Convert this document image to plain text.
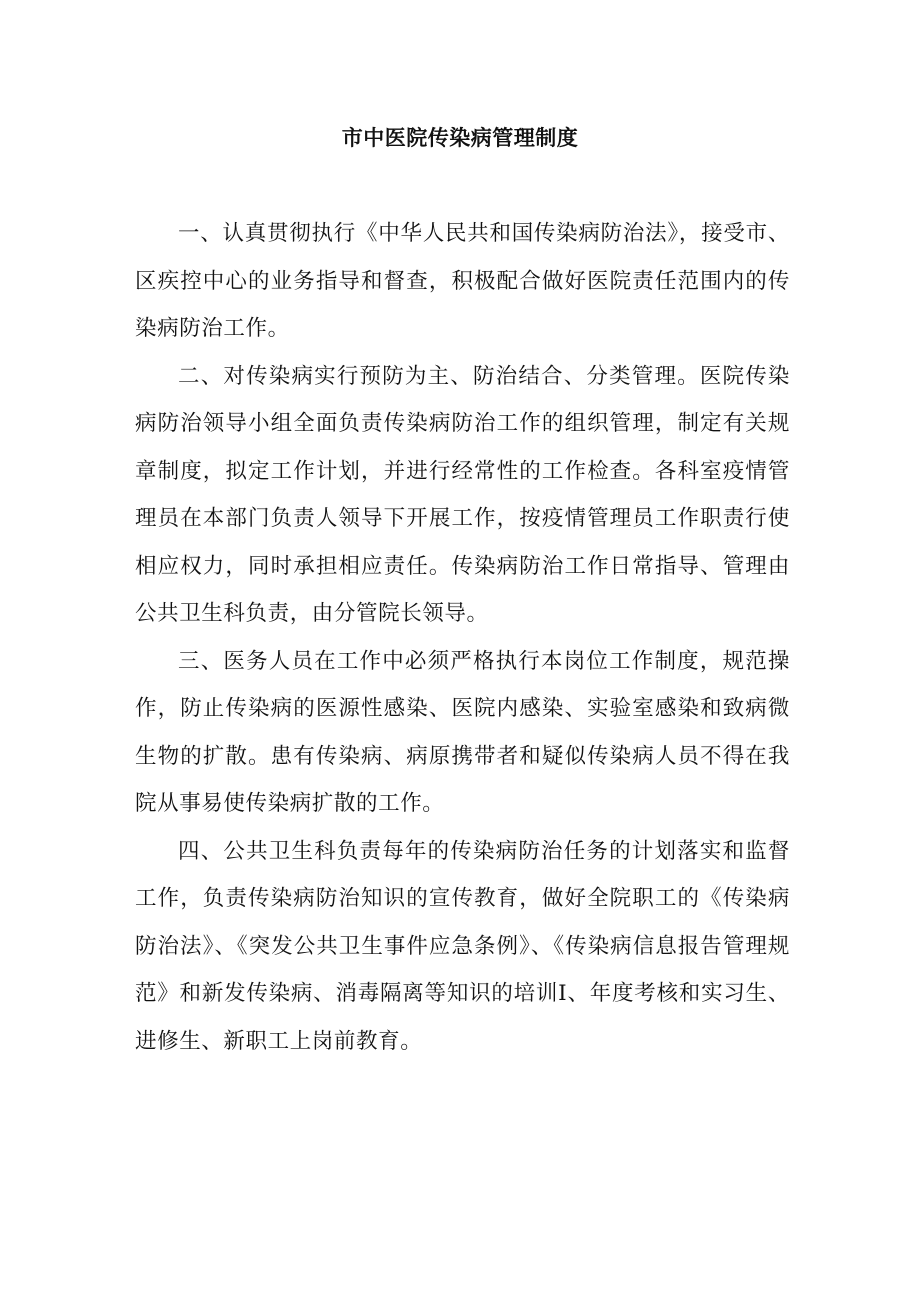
市中医院传染病管理制度

一、认真贯彻执行《中华人民共和国传染病防治法》，接受市、区疾控中心的业务指导和督查，积极配合做好医院责任范围内的传染病防治工作。

二、对传染病实行预防为主、防治结合、分类管理。医院传染病防治领导小组全面负责传染病防治工作的组织管理，制定有关规章制度，拟定工作计划，并进行经常性的工作检查。各科室疫情管理员在本部门负责人领导下开展工作，按疫情管理员工作职责行使相应权力，同时承担相应责任。传染病防治工作日常指导、管理由公共卫生科负责，由分管院长领导。

三、医务人员在工作中必须严格执行本岗位工作制度，规范操作，防止传染病的医源性感染、医院内感染、实验室感染和致病微生物的扩散。患有传染病、病原携带者和疑似传染病人员不得在我院从事易使传染病扩散的工作。

四、公共卫生科负责每年的传染病防治任务的计划落实和监督工作，负责传染病防治知识的宣传教育，做好全院职工的《传染病防治法》、《突发公共卫生事件应急条例》、《传染病信息报告管理规范》和新发传染病、消毒隔离等知识的培训Ⅰ、年度考核和实习生、进修生、新职工上岗前教育。
